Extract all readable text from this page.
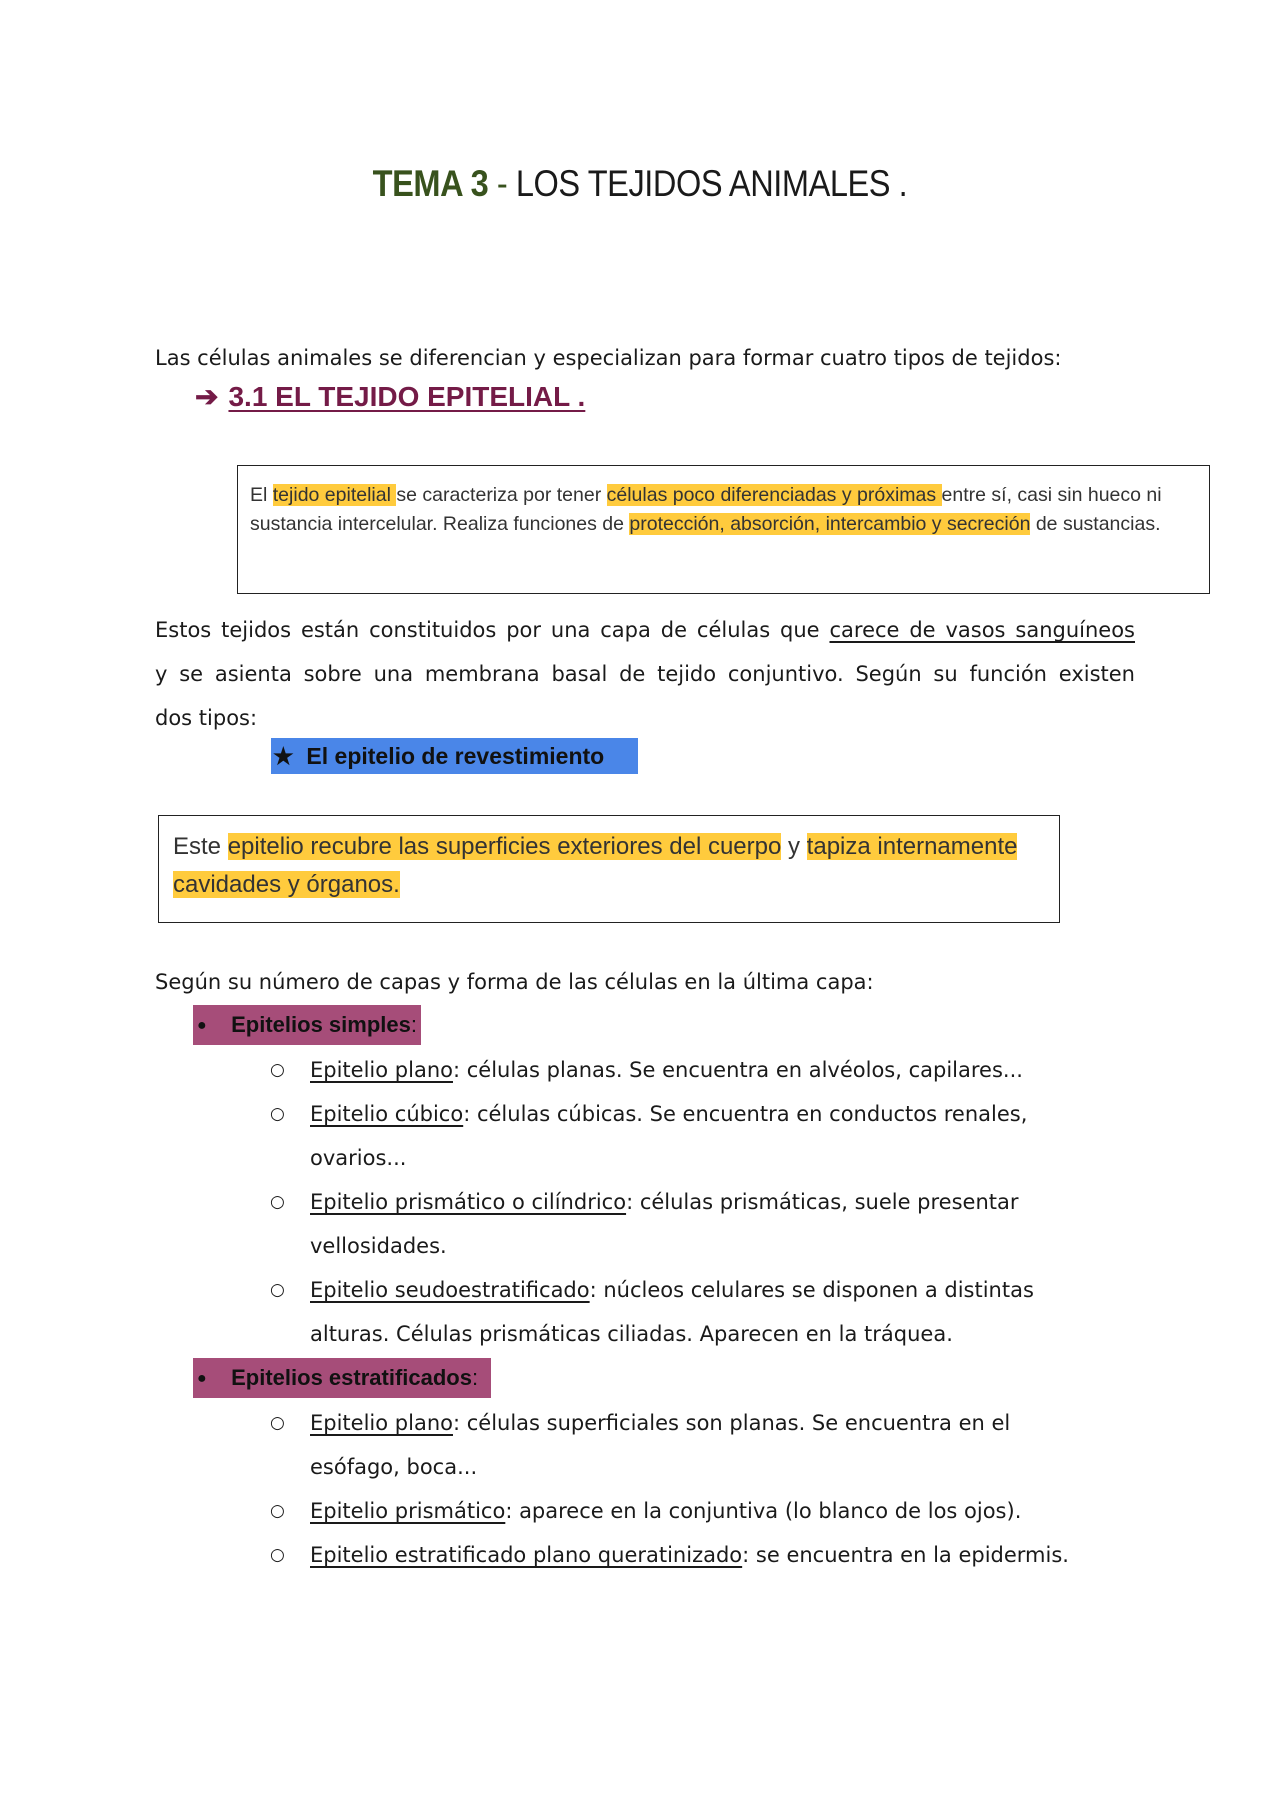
TEMA 3 - LOS TEJIDOS ANIMALES .
Las células animales se diferencian y especializan para formar cuatro tipos de tejidos:
➔ 3.1 EL TEJIDO EPITELIAL .
El tejido epitelial se caracteriza por tener células poco diferenciadas y próximas entre sí, casi sin hueco ni sustancia intercelular. Realiza funciones de protección, absorción, intercambio y secreción de sustancias.
Estos tejidos están constituidos por una capa de células que carece de vasos sanguíneos
y se asienta sobre una membrana basal de tejido conjuntivo. Según su función existen
dos tipos:
★ El epitelio de revestimiento
Este epitelio recubre las superficies exteriores del cuerpo y tapiza internamente cavidades y órganos.
Según su número de capas y forma de las células en la última capa:
● Epitelios simples:
○	Epitelio plano: células planas. Se encuentra en alvéolos, capilares...
○	Epitelio cúbico: células cúbicas. Se encuentra en conductos renales,
ovarios...
○	Epitelio prismático o cilíndrico: células prismáticas, suele presentar
vellosidades.
○	Epitelio seudoestratificado: núcleos celulares se disponen a distintas
alturas. Células prismáticas ciliadas. Aparecen en la tráquea.
● Epitelios estratificados:
○	Epitelio plano: células superficiales son planas. Se encuentra en el
esófago, boca...
○	Epitelio prismático: aparece en la conjuntiva (lo blanco de los ojos).
○	Epitelio estratificado plano queratinizado: se encuentra en la epidermis.
